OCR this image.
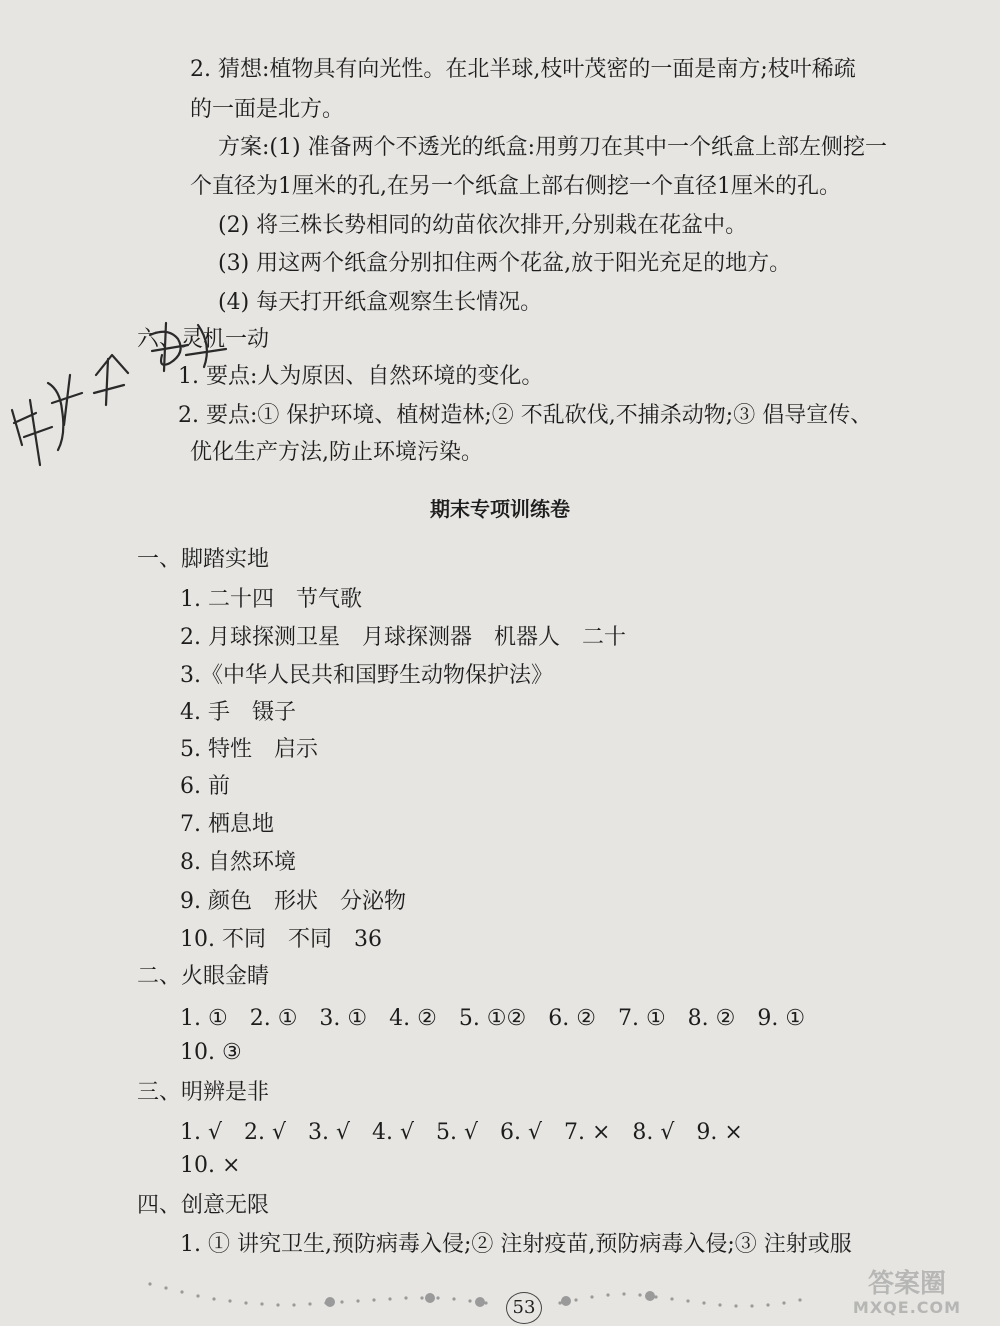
2. 猜想:植物具有向光性。在北半球,枝叶茂密的一面是南方;枝叶稀疏
的一面是北方。
方案:(1) 准备两个不透光的纸盒:用剪刀在其中一个纸盒上部左侧挖一
个直径为1厘米的孔,在另一个纸盒上部右侧挖一个直径1厘米的孔。
(2) 将三株长势相同的幼苗依次排开,分别栽在花盆中。
(3) 用这两个纸盒分别扣住两个花盆,放于阳光充足的地方。
(4) 每天打开纸盒观察生长情况。
六、灵机一动
1. 要点:人为原因、自然环境的变化。
2. 要点:① 保护环境、植树造林;② 不乱砍伐,不捕杀动物;③ 倡导宣传、
优化生产方法,防止环境污染。
期末专项训练卷
一、脚踏实地
1. 二十四　节气歌
2. 月球探测卫星　月球探测器　机器人　二十
3.《中华人民共和国野生动物保护法》
4. 手　镊子
5. 特性　启示
6. 前
7. 栖息地
8. 自然环境
9. 颜色　形状　分泌物
10. 不同　不同　36
二、火眼金睛
1. ①　2. ①　3. ①　4. ②　5. ①②　6. ②　7. ①　8. ②　9. ①
10. ③
三、明辨是非
1. √　2. √　3. √　4. √　5. √　6. √　7. ×　8. √　9. ×
10. ×
四、创意无限
1. ① 讲究卫生,预防病毒入侵;② 注射疫苗,预防病毒入侵;③ 注射或服
53
答案圈
MXQE.COM
